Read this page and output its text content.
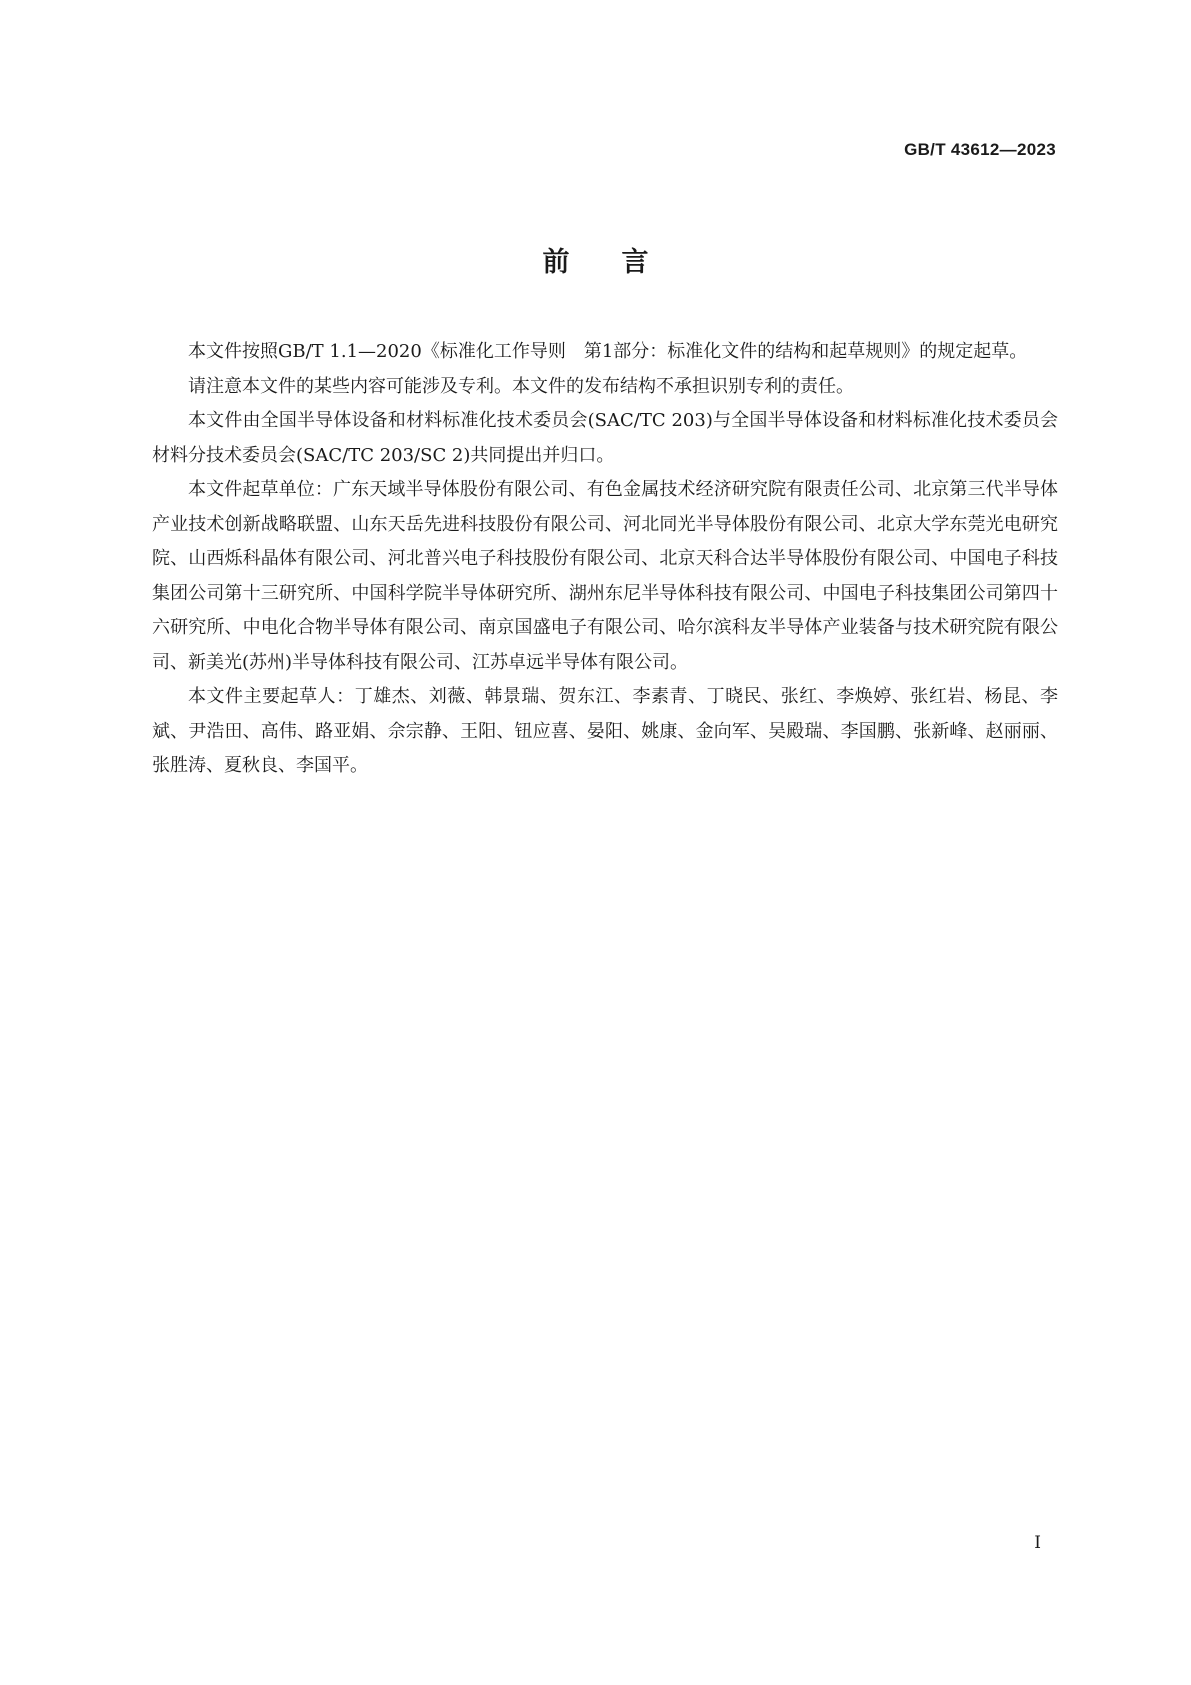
GB/T 43612—2023
前言

本文件按照GB/T 1.1—2020《标准化工作导则　第1部分：标准化文件的结构和起草规则》的规定起草。

请注意本文件的某些内容可能涉及专利。本文件的发布结构不承担识别专利的责任。

本文件由全国半导体设备和材料标准化技术委员会(SAC/TC 203)与全国半导体设备和材料标准化技术委员会材料分技术委员会(SAC/TC 203/SC 2)共同提出并归口。

本文件起草单位：广东天域半导体股份有限公司、有色金属技术经济研究院有限责任公司、北京第三代半导体产业技术创新战略联盟、山东天岳先进科技股份有限公司、河北同光半导体股份有限公司、北京大学东莞光电研究院、山西烁科晶体有限公司、河北普兴电子科技股份有限公司、北京天科合达半导体股份有限公司、中国电子科技集团公司第十三研究所、中国科学院半导体研究所、湖州东尼半导体科技有限公司、中国电子科技集团公司第四十六研究所、中电化合物半导体有限公司、南京国盛电子有限公司、哈尔滨科友半导体产业装备与技术研究院有限公司、新美光(苏州)半导体科技有限公司、江苏卓远半导体有限公司。

本文件主要起草人：丁雄杰、刘薇、韩景瑞、贺东江、李素青、丁晓民、张红、李焕婷、张红岩、杨昆、李斌、尹浩田、高伟、路亚娟、佘宗静、王阳、钮应喜、晏阳、姚康、金向军、吴殿瑞、李国鹏、张新峰、赵丽丽、张胜涛、夏秋良、李国平。

I
